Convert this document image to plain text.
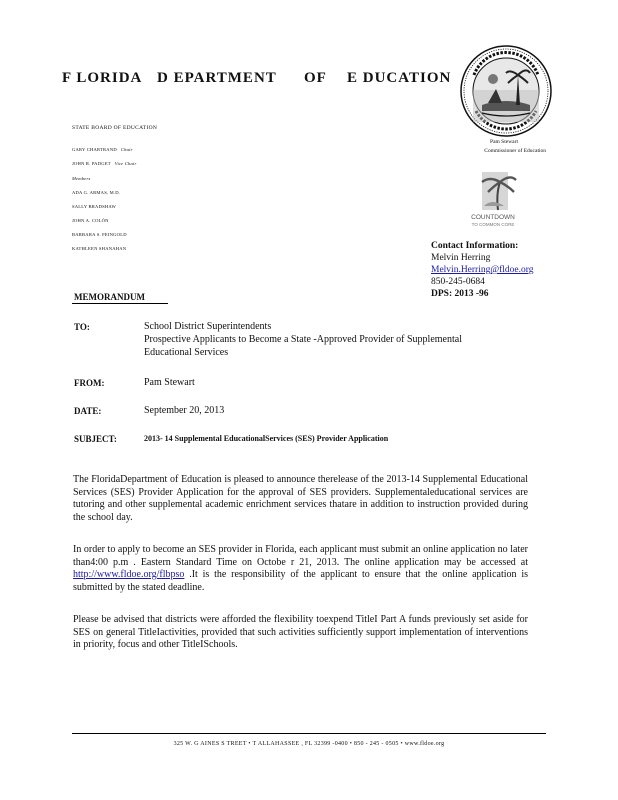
F LORIDA D EPARTMENT OF E DUCATION
STATE BOARD OF EDUCATION
GARY CHARTRAND Chair
JOHN R. PADGET Vice Chair
Members
ADA G. ARMAS, M.D.
SALLY BRADSHAW
JOHN A. COLÓN
BARBARA S. FEINGOLD
KATHLEEN SHANAHAN
Pam Stewart
Commissioner of Education
COUNTDOWN
TO COMMON CORE
Contact Information:
Melvin Herring
Melvin.Herring@fldoe.org
850-245-0684
DPS: 2013 -96
MEMORANDUM
TO:	School District Superintendents
Prospective Applicants to Become a State -Approved Provider of Supplemental
Educational Services
FROM:	Pam Stewart
DATE:	September 20, 2013
SUBJECT:	2013- 14 Supplemental EducationalServices (SES) Provider Application
The FloridaDepartment of Education is pleased to announce therelease of the 2013-14 Supplemental Educational Services (SES) Provider Application for the approval of SES providers. Supplementaleducational services are tutoring and other supplemental academic enrichment services thatare in addition to instruction provided during the school day.
In order to apply to become an SES provider in Florida, each applicant must submit an online application no later than4:00 p.m . Eastern Standard Time on Octobe r 21, 2013. The online application may be accessed at http://www.fldoe.org/flbpso .It is the responsibility of the applicant to ensure that the online application is submitted by the stated deadline.
Please be advised that districts were afforded the flexibility toexpend TitleI Part A funds previously set aside for SES on general TitleIactivities, provided that such activities sufficiently support implementation of interventions in priority, focus and other TitleISchools.
325 W. G AINES S TREET • T ALLAHASSEE , FL 32399 -0400 • 850 - 245 - 0505 • www.fldoe.org
